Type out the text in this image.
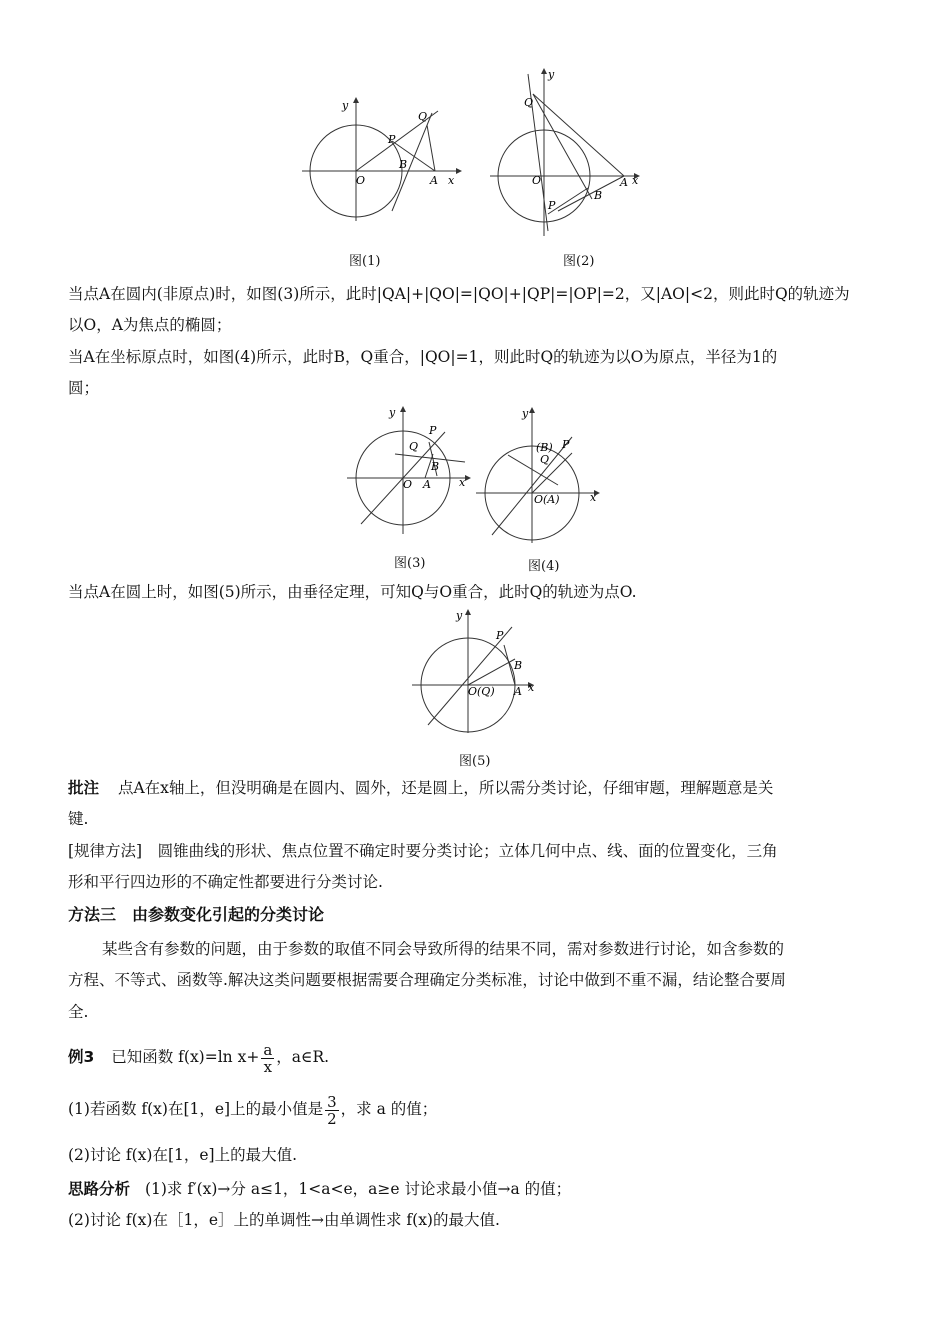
y
x
O	A
B
P
Q
图(1)
y
x
O	A
B
P
Q
图(2)
当点A在圆内(非原点)时，如图(3)所示，此时|QA|+|QO|=|QO|+|QP|=|OP|=2，又|AO|<2，则此时Q的轨迹为
以O，A为焦点的椭圆；
当A在坐标原点时，如图(4)所示，此时B，Q重合，|QO|=1，则此时Q的轨迹为以O为原点，半径为1的
圆；
y
x
O A
B
P
Q
图(3)
y
x
O(A)
(B) P
Q
图(4)
当点A在圆上时，如图(5)所示，由垂径定理，可知Q与O重合，此时Q的轨迹为点O.
y
x
O(Q) A
B
P
图(5)
批注 点A在x轴上，但没明确是在圆内、圆外，还是圆上，所以需分类讨论，仔细审题，理解题意是关
键.
[规律方法]　圆锥曲线的形状、焦点位置不确定时要分类讨论；立体几何中点、线、面的位置变化，三角
形和平行四边形的不确定性都要进行分类讨论.
方法三　由参数变化引起的分类讨论
某些含有参数的问题，由于参数的取值不同会导致所得的结果不同，需对参数进行讨论，如含参数的
方程、不等式、函数等.解决这类问题要根据需要合理确定分类标准，讨论中做到不重不漏，结论整合要周
全.
例3 已知函数 f(x)=ln $x+ \frac{a}{x}$ ，a∈R.
(1)若函数 f(x)在[1，e]上的最小值是 $\frac{3}{2}$ ，求 a 的值；
(2)讨论 f(x)在[1，e]上的最大值.
思路分析 (1)求 f′(x)→分 a≤1，1<a<e，a≥e 讨论求最小值→a 的值；
(2)讨论 f(x)在［1，e］上的单调性→由单调性求 f(x)的最大值.
